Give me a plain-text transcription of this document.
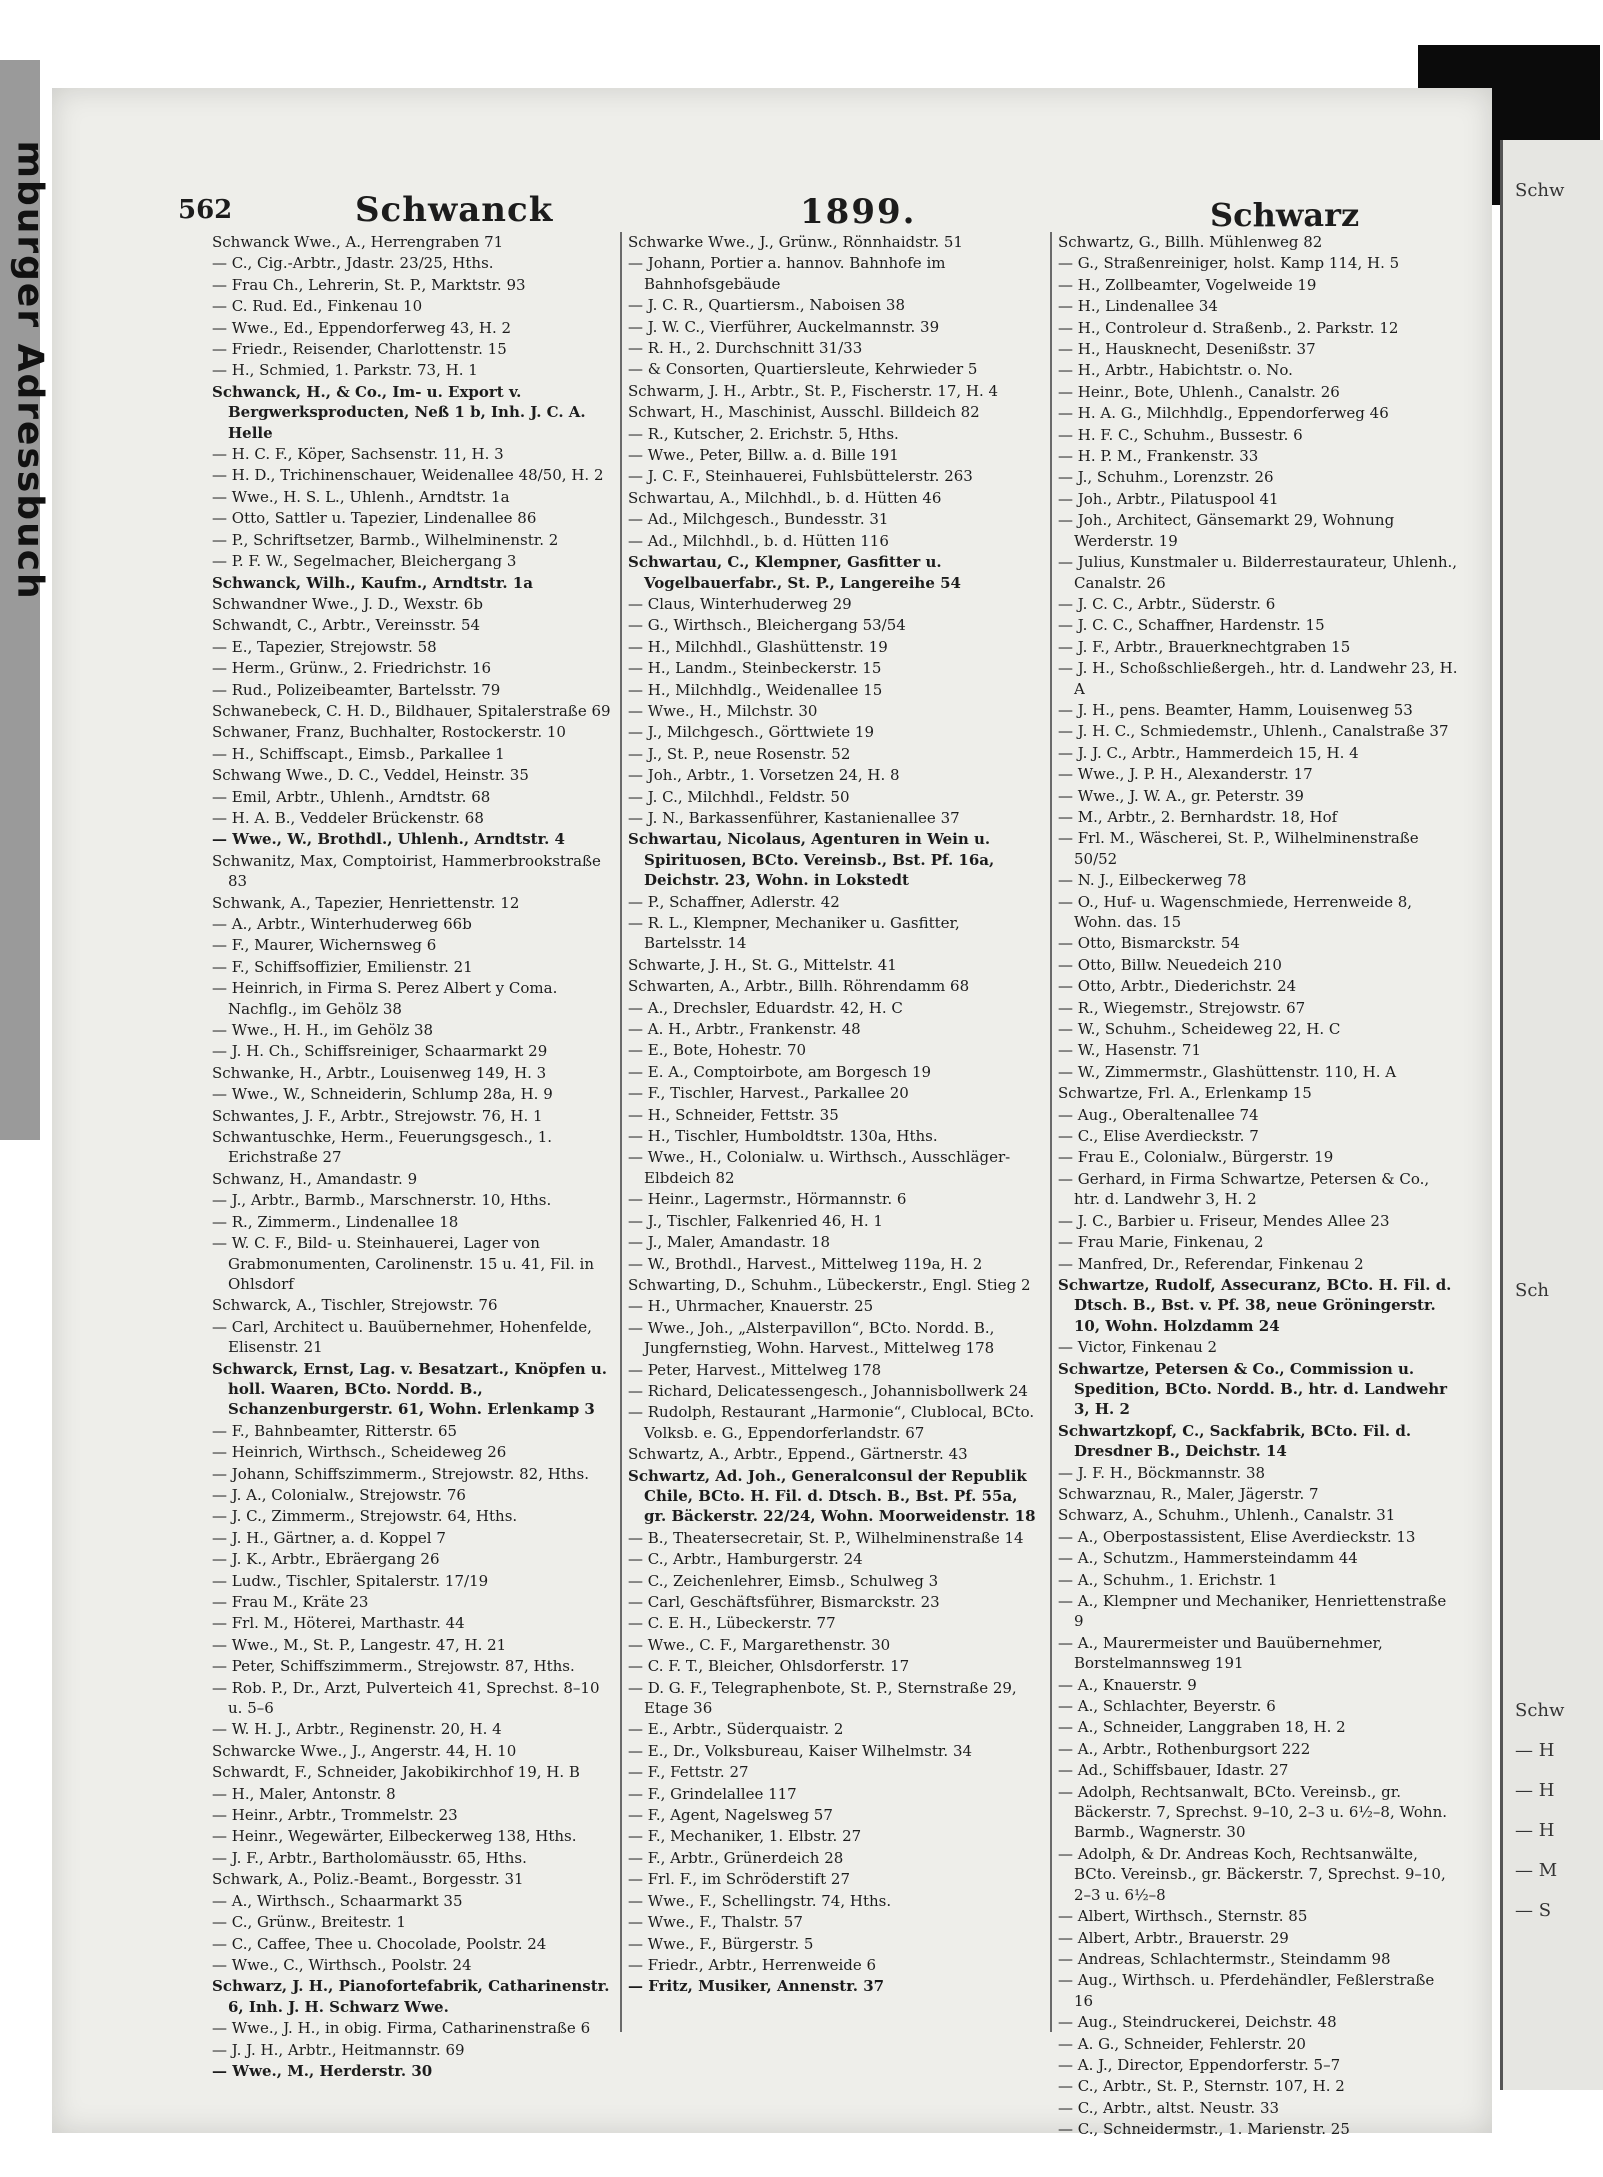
mburger Adressbuch	Schw
Sch
Schw
— H
— H
— H
— M
— S
562	Schwanck	1899.	Schwarz
Schwanck Wwe., A., Herrengraben 71
— C., Cig.-Arbtr., Jdastr. 23/25, Hths.
— Frau Ch., Lehrerin, St. P., Marktstr. 93
— C. Rud. Ed., Finkenau 10
— Wwe., Ed., Eppendorferweg 43, H. 2
— Friedr., Reisender, Charlottenstr. 15
— H., Schmied, 1. Parkstr. 73, H. 1
Schwanck, H., & Co., Im- u. Export v. Bergwerksproducten, Neß 1 b, Inh. J. C. A. Helle
— H. C. F., Köper, Sachsenstr. 11, H. 3
— H. D., Trichinenschauer, Weidenallee 48/50, H. 2
— Wwe., H. S. L., Uhlenh., Arndtstr. 1a
— Otto, Sattler u. Tapezier, Lindenallee 86
— P., Schriftsetzer, Barmb., Wilhelminenstr. 2
— P. F. W., Segelmacher, Bleichergang 3
Schwanck, Wilh., Kaufm., Arndtstr. 1a
Schwandner Wwe., J. D., Wexstr. 6b
Schwandt, C., Arbtr., Vereinsstr. 54
— E., Tapezier, Strejowstr. 58
— Herm., Grünw., 2. Friedrichstr. 16
— Rud., Polizeibeamter, Bartelsstr. 79
Schwanebeck, C. H. D., Bildhauer, Spitalerstraße 69
Schwaner, Franz, Buchhalter, Rostockerstr. 10
— H., Schiffscapt., Eimsb., Parkallee 1
Schwang Wwe., D. C., Veddel, Heinstr. 35
— Emil, Arbtr., Uhlenh., Arndtstr. 68
— H. A. B., Veddeler Brückenstr. 68
— Wwe., W., Brothdl., Uhlenh., Arndtstr. 4
Schwanitz, Max, Comptoirist, Hammerbrookstraße 83
Schwank, A., Tapezier, Henriettenstr. 12
— A., Arbtr., Winterhuderweg 66b
— F., Maurer, Wichernsweg 6
— F., Schiffsoffizier, Emilienstr. 21
— Heinrich, in Firma S. Perez Albert y Coma. Nachflg., im Gehölz 38
— Wwe., H. H., im Gehölz 38
— J. H. Ch., Schiffsreiniger, Schaarmarkt 29
Schwanke, H., Arbtr., Louisenweg 149, H. 3
— Wwe., W., Schneiderin, Schlump 28a, H. 9
Schwantes, J. F., Arbtr., Strejowstr. 76, H. 1
Schwantuschke, Herm., Feuerungsgesch., 1. Erichstraße 27
Schwanz, H., Amandastr. 9
— J., Arbtr., Barmb., Marschnerstr. 10, Hths.
— R., Zimmerm., Lindenallee 18
— W. C. F., Bild- u. Steinhauerei, Lager von Grabmonumenten, Carolinenstr. 15 u. 41, Fil. in Ohlsdorf
Schwarck, A., Tischler, Strejowstr. 76
— Carl, Architect u. Bauübernehmer, Hohenfelde, Elisenstr. 21
Schwarck, Ernst, Lag. v. Besatzart., Knöpfen u. holl. Waaren, BCto. Nordd. B., Schanzenburgerstr. 61, Wohn. Erlenkamp 3
— F., Bahnbeamter, Ritterstr. 65
— Heinrich, Wirthsch., Scheideweg 26
— Johann, Schiffszimmerm., Strejowstr. 82, Hths.
— J. A., Colonialw., Strejowstr. 76
— J. C., Zimmerm., Strejowstr. 64, Hths.
— J. H., Gärtner, a. d. Koppel 7
— J. K., Arbtr., Ebräergang 26
— Ludw., Tischler, Spitalerstr. 17/19
— Frau M., Kräte 23
— Frl. M., Höterei, Marthastr. 44
— Wwe., M., St. P., Langestr. 47, H. 21
— Peter, Schiffszimmerm., Strejowstr. 87, Hths.
— Rob. P., Dr., Arzt, Pulverteich 41, Sprechst. 8–10 u. 5–6
— W. H. J., Arbtr., Reginenstr. 20, H. 4
Schwarcke Wwe., J., Angerstr. 44, H. 10
Schwardt, F., Schneider, Jakobikirchhof 19, H. B
— H., Maler, Antonstr. 8
— Heinr., Arbtr., Trommelstr. 23
— Heinr., Wegewärter, Eilbeckerweg 138, Hths.
— J. F., Arbtr., Bartholomäusstr. 65, Hths.
Schwark, A., Poliz.-Beamt., Borgesstr. 31
— A., Wirthsch., Schaarmarkt 35
— C., Grünw., Breitestr. 1
— C., Caffee, Thee u. Chocolade, Poolstr. 24
— Wwe., C., Wirthsch., Poolstr. 24
Schwarz, J. H., Pianofortefabrik, Catharinenstr. 6, Inh. J. H. Schwarz Wwe.
— Wwe., J. H., in obig. Firma, Catharinenstraße 6
— J. J. H., Arbtr., Heitmannstr. 69
— Wwe., M., Herderstr. 30
Schwarke Wwe., J., Grünw., Rönnhaidstr. 51
— Johann, Portier a. hannov. Bahnhofe im Bahnhofsgebäude
— J. C. R., Quartiersm., Naboisen 38
— J. W. C., Vierführer, Auckelmannstr. 39
— R. H., 2. Durchschnitt 31/33
— & Consorten, Quartiersleute, Kehrwieder 5
Schwarm, J. H., Arbtr., St. P., Fischerstr. 17, H. 4
Schwart, H., Maschinist, Ausschl. Billdeich 82
— R., Kutscher, 2. Erichstr. 5, Hths.
— Wwe., Peter, Billw. a. d. Bille 191
— J. C. F., Steinhauerei, Fuhlsbüttelerstr. 263
Schwartau, A., Milchhdl., b. d. Hütten 46
— Ad., Milchgesch., Bundesstr. 31
— Ad., Milchhdl., b. d. Hütten 116
Schwartau, C., Klempner, Gasfitter u. Vogelbauerfabr., St. P., Langereihe 54
— Claus, Winterhuderweg 29
— G., Wirthsch., Bleichergang 53/54
— H., Milchhdl., Glashüttenstr. 19
— H., Landm., Steinbeckerstr. 15
— H., Milchhdlg., Weidenallee 15
— Wwe., H., Milchstr. 30
— J., Milchgesch., Görttwiete 19
— J., St. P., neue Rosenstr. 52
— Joh., Arbtr., 1. Vorsetzen 24, H. 8
— J. C., Milchhdl., Feldstr. 50
— J. N., Barkassenführer, Kastanienallee 37
Schwartau, Nicolaus, Agenturen in Wein u. Spirituosen, BCto. Vereinsb., Bst. Pf. 16a, Deichstr. 23, Wohn. in Lokstedt
— P., Schaffner, Adlerstr. 42
— R. L., Klempner, Mechaniker u. Gasfitter, Bartelsstr. 14
Schwarte, J. H., St. G., Mittelstr. 41
Schwarten, A., Arbtr., Billh. Röhrendamm 68
— A., Drechsler, Eduardstr. 42, H. C
— A. H., Arbtr., Frankenstr. 48
— E., Bote, Hohestr. 70
— E. A., Comptoirbote, am Borgesch 19
— F., Tischler, Harvest., Parkallee 20
— H., Schneider, Fettstr. 35
— H., Tischler, Humboldtstr. 130a, Hths.
— Wwe., H., Colonialw. u. Wirthsch., Ausschläger-Elbdeich 82
— Heinr., Lagermstr., Hörmannstr. 6
— J., Tischler, Falkenried 46, H. 1
— J., Maler, Amandastr. 18
— W., Brothdl., Harvest., Mittelweg 119a, H. 2
Schwarting, D., Schuhm., Lübeckerstr., Engl. Stieg 2
— H., Uhrmacher, Knauerstr. 25
— Wwe., Joh., „Alsterpavillon“, BCto. Nordd. B., Jungfernstieg, Wohn. Harvest., Mittelweg 178
— Peter, Harvest., Mittelweg 178
— Richard, Delicatessengesch., Johannisbollwerk 24
— Rudolph, Restaurant „Harmonie“, Clublocal, BCto. Volksb. e. G., Eppendorferlandstr. 67
Schwartz, A., Arbtr., Eppend., Gärtnerstr. 43
Schwartz, Ad. Joh., Generalconsul der Republik Chile, BCto. H. Fil. d. Dtsch. B., Bst. Pf. 55a, gr. Bäckerstr. 22/24, Wohn. Moorweidenstr. 18
— B., Theatersecretair, St. P., Wilhelminenstraße 14
— C., Arbtr., Hamburgerstr. 24
— C., Zeichenlehrer, Eimsb., Schulweg 3
— Carl, Geschäftsführer, Bismarckstr. 23
— C. E. H., Lübeckerstr. 77
— Wwe., C. F., Margarethenstr. 30
— C. F. T., Bleicher, Ohlsdorferstr. 17
— D. G. F., Telegraphenbote, St. P., Sternstraße 29, Etage 36
— E., Arbtr., Süderquaistr. 2
— E., Dr., Volksbureau, Kaiser Wilhelmstr. 34
— F., Fettstr. 27
— F., Grindelallee 117
— F., Agent, Nagelsweg 57
— F., Mechaniker, 1. Elbstr. 27
— F., Arbtr., Grünerdeich 28
— Frl. F., im Schröderstift 27
— Wwe., F., Schellingstr. 74, Hths.
— Wwe., F., Thalstr. 57
— Wwe., F., Bürgerstr. 5
— Friedr., Arbtr., Herrenweide 6
— Fritz, Musiker, Annenstr. 37
Schwartz, G., Billh. Mühlenweg 82
— G., Straßenreiniger, holst. Kamp 114, H. 5
— H., Zollbeamter, Vogelweide 19
— H., Lindenallee 34
— H., Controleur d. Straßenb., 2. Parkstr. 12
— H., Hausknecht, Desenißstr. 37
— H., Arbtr., Habichtstr. o. No.
— Heinr., Bote, Uhlenh., Canalstr. 26
— H. A. G., Milchhdlg., Eppendorferweg 46
— H. F. C., Schuhm., Bussestr. 6
— H. P. M., Frankenstr. 33
— J., Schuhm., Lorenzstr. 26
— Joh., Arbtr., Pilatuspool 41
— Joh., Architect, Gänsemarkt 29, Wohnung Werderstr. 19
— Julius, Kunstmaler u. Bilderrestaurateur, Uhlenh., Canalstr. 26
— J. C. C., Arbtr., Süderstr. 6
— J. C. C., Schaffner, Hardenstr. 15
— J. F., Arbtr., Brauerknechtgraben 15
— J. H., Schoßschließergeh., htr. d. Landwehr 23, H. A
— J. H., pens. Beamter, Hamm, Louisenweg 53
— J. H. C., Schmiedemstr., Uhlenh., Canalstraße 37
— J. J. C., Arbtr., Hammerdeich 15, H. 4
— Wwe., J. P. H., Alexanderstr. 17
— Wwe., J. W. A., gr. Peterstr. 39
— M., Arbtr., 2. Bernhardstr. 18, Hof
— Frl. M., Wäscherei, St. P., Wilhelminenstraße 50/52
— N. J., Eilbeckerweg 78
— O., Huf- u. Wagenschmiede, Herrenweide 8, Wohn. das. 15
— Otto, Bismarckstr. 54
— Otto, Billw. Neuedeich 210
— Otto, Arbtr., Diederichstr. 24
— R., Wiegemstr., Strejowstr. 67
— W., Schuhm., Scheideweg 22, H. C
— W., Hasenstr. 71
— W., Zimmermstr., Glashüttenstr. 110, H. A
Schwartze, Frl. A., Erlenkamp 15
— Aug., Oberaltenallee 74
— C., Elise Averdieckstr. 7
— Frau E., Colonialw., Bürgerstr. 19
— Gerhard, in Firma Schwartze, Petersen & Co., htr. d. Landwehr 3, H. 2
— J. C., Barbier u. Friseur, Mendes Allee 23
— Frau Marie, Finkenau, 2
— Manfred, Dr., Referendar, Finkenau 2
Schwartze, Rudolf, Assecuranz, BCto. H. Fil. d. Dtsch. B., Bst. v. Pf. 38, neue Gröningerstr. 10, Wohn. Holzdamm 24
— Victor, Finkenau 2
Schwartze, Petersen & Co., Commission u. Spedition, BCto. Nordd. B., htr. d. Landwehr 3, H. 2
Schwartzkopf, C., Sackfabrik, BCto. Fil. d. Dresdner B., Deichstr. 14
— J. F. H., Böckmannstr. 38
Schwarznau, R., Maler, Jägerstr. 7
Schwarz, A., Schuhm., Uhlenh., Canalstr. 31
— A., Oberpostassistent, Elise Averdieckstr. 13
— A., Schutzm., Hammersteindamm 44
— A., Schuhm., 1. Erichstr. 1
— A., Klempner und Mechaniker, Henriettenstraße 9
— A., Maurermeister und Bauübernehmer, Borstelmannsweg 191
— A., Knauerstr. 9
— A., Schlachter, Beyerstr. 6
— A., Schneider, Langgraben 18, H. 2
— A., Arbtr., Rothenburgsort 222
— Ad., Schiffsbauer, Idastr. 27
— Adolph, Rechtsanwalt, BCto. Vereinsb., gr. Bäckerstr. 7, Sprechst. 9–10, 2–3 u. 6½–8, Wohn. Barmb., Wagnerstr. 30
— Adolph, & Dr. Andreas Koch, Rechtsanwälte, BCto. Vereinsb., gr. Bäckerstr. 7, Sprechst. 9–10, 2–3 u. 6½–8
— Albert, Wirthsch., Sternstr. 85
— Albert, Arbtr., Brauerstr. 29
— Andreas, Schlachtermstr., Steindamm 98
— Aug., Wirthsch. u. Pferdehändler, Feßlerstraße 16
— Aug., Steindruckerei, Deichstr. 48
— A. G., Schneider, Fehlerstr. 20
— A. J., Director, Eppendorferstr. 5–7
— C., Arbtr., St. P., Sternstr. 107, H. 2
— C., Arbtr., altst. Neustr. 33
— C., Schneidermstr., 1. Marienstr. 25
